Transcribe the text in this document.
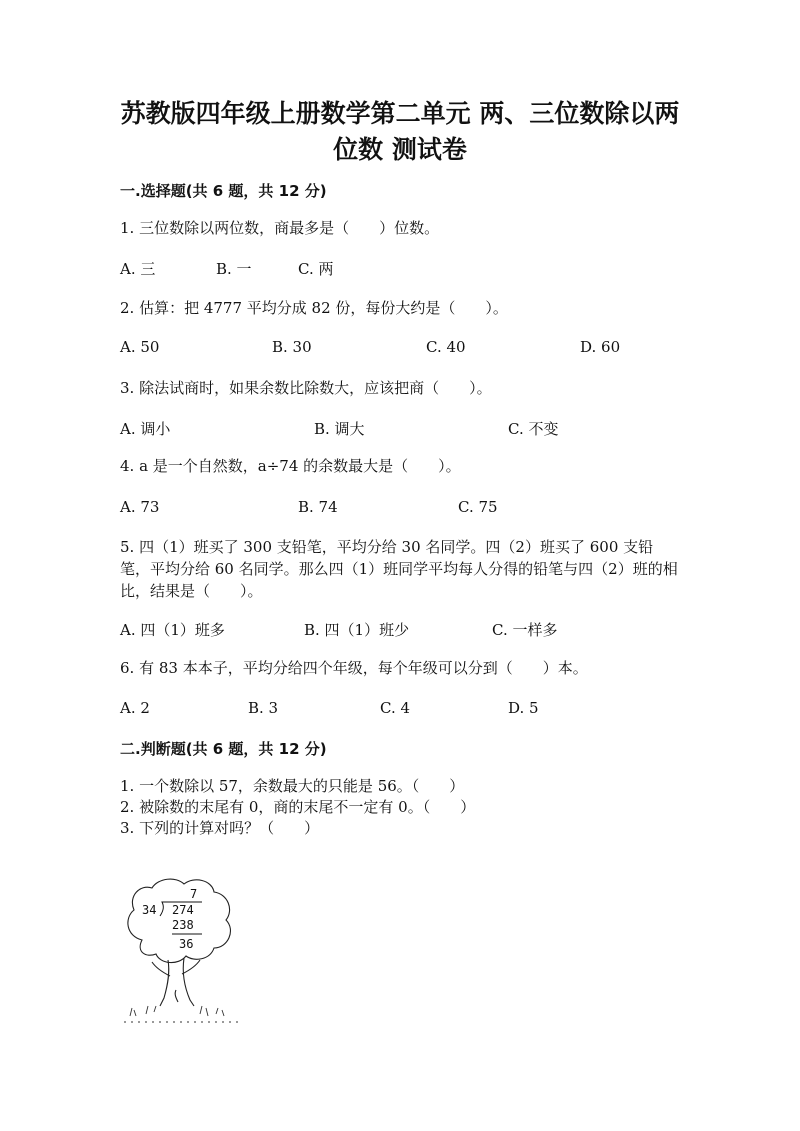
苏教版四年级上册数学第二单元 两、三位数除以两
位数 测试卷
一.选择题(共 6 题，共 12 分)
1. 三位数除以两位数，商最多是（　　）位数。
A. 三	B. 一	C. 两
2. 估算：把 4777 平均分成 82 份，每份大约是（　　）。
A. 50	B. 30	C. 40	D. 60
3. 除法试商时，如果余数比除数大，应该把商（　　）。
A. 调小	B. 调大	C. 不变
4. a 是一个自然数，a÷74 的余数最大是（　　）。
A. 73	B. 74	C. 75
5. 四（1）班买了 300 支铅笔，平均分给 30 名同学。四（2）班买了 600 支铅笔，平均分给 60 名同学。那么四（1）班同学平均每人分得的铅笔与四（2）班的相比，结果是（　　）。
A. 四（1）班多	B. 四（1）班少	C. 一样多
6. 有 83 本本子，平均分给四个年级，每个年级可以分到（　　）本。
A. 2	B. 3	C. 4	D. 5
二.判断题(共 6 题，共 12 分)
1. 一个数除以 57，余数最大的只能是 56。（　　）
2. 被除数的末尾有 0，商的末尾不一定有 0。（　　）
3. 下列的计算对吗？（　　）
7
34 274
238
36
